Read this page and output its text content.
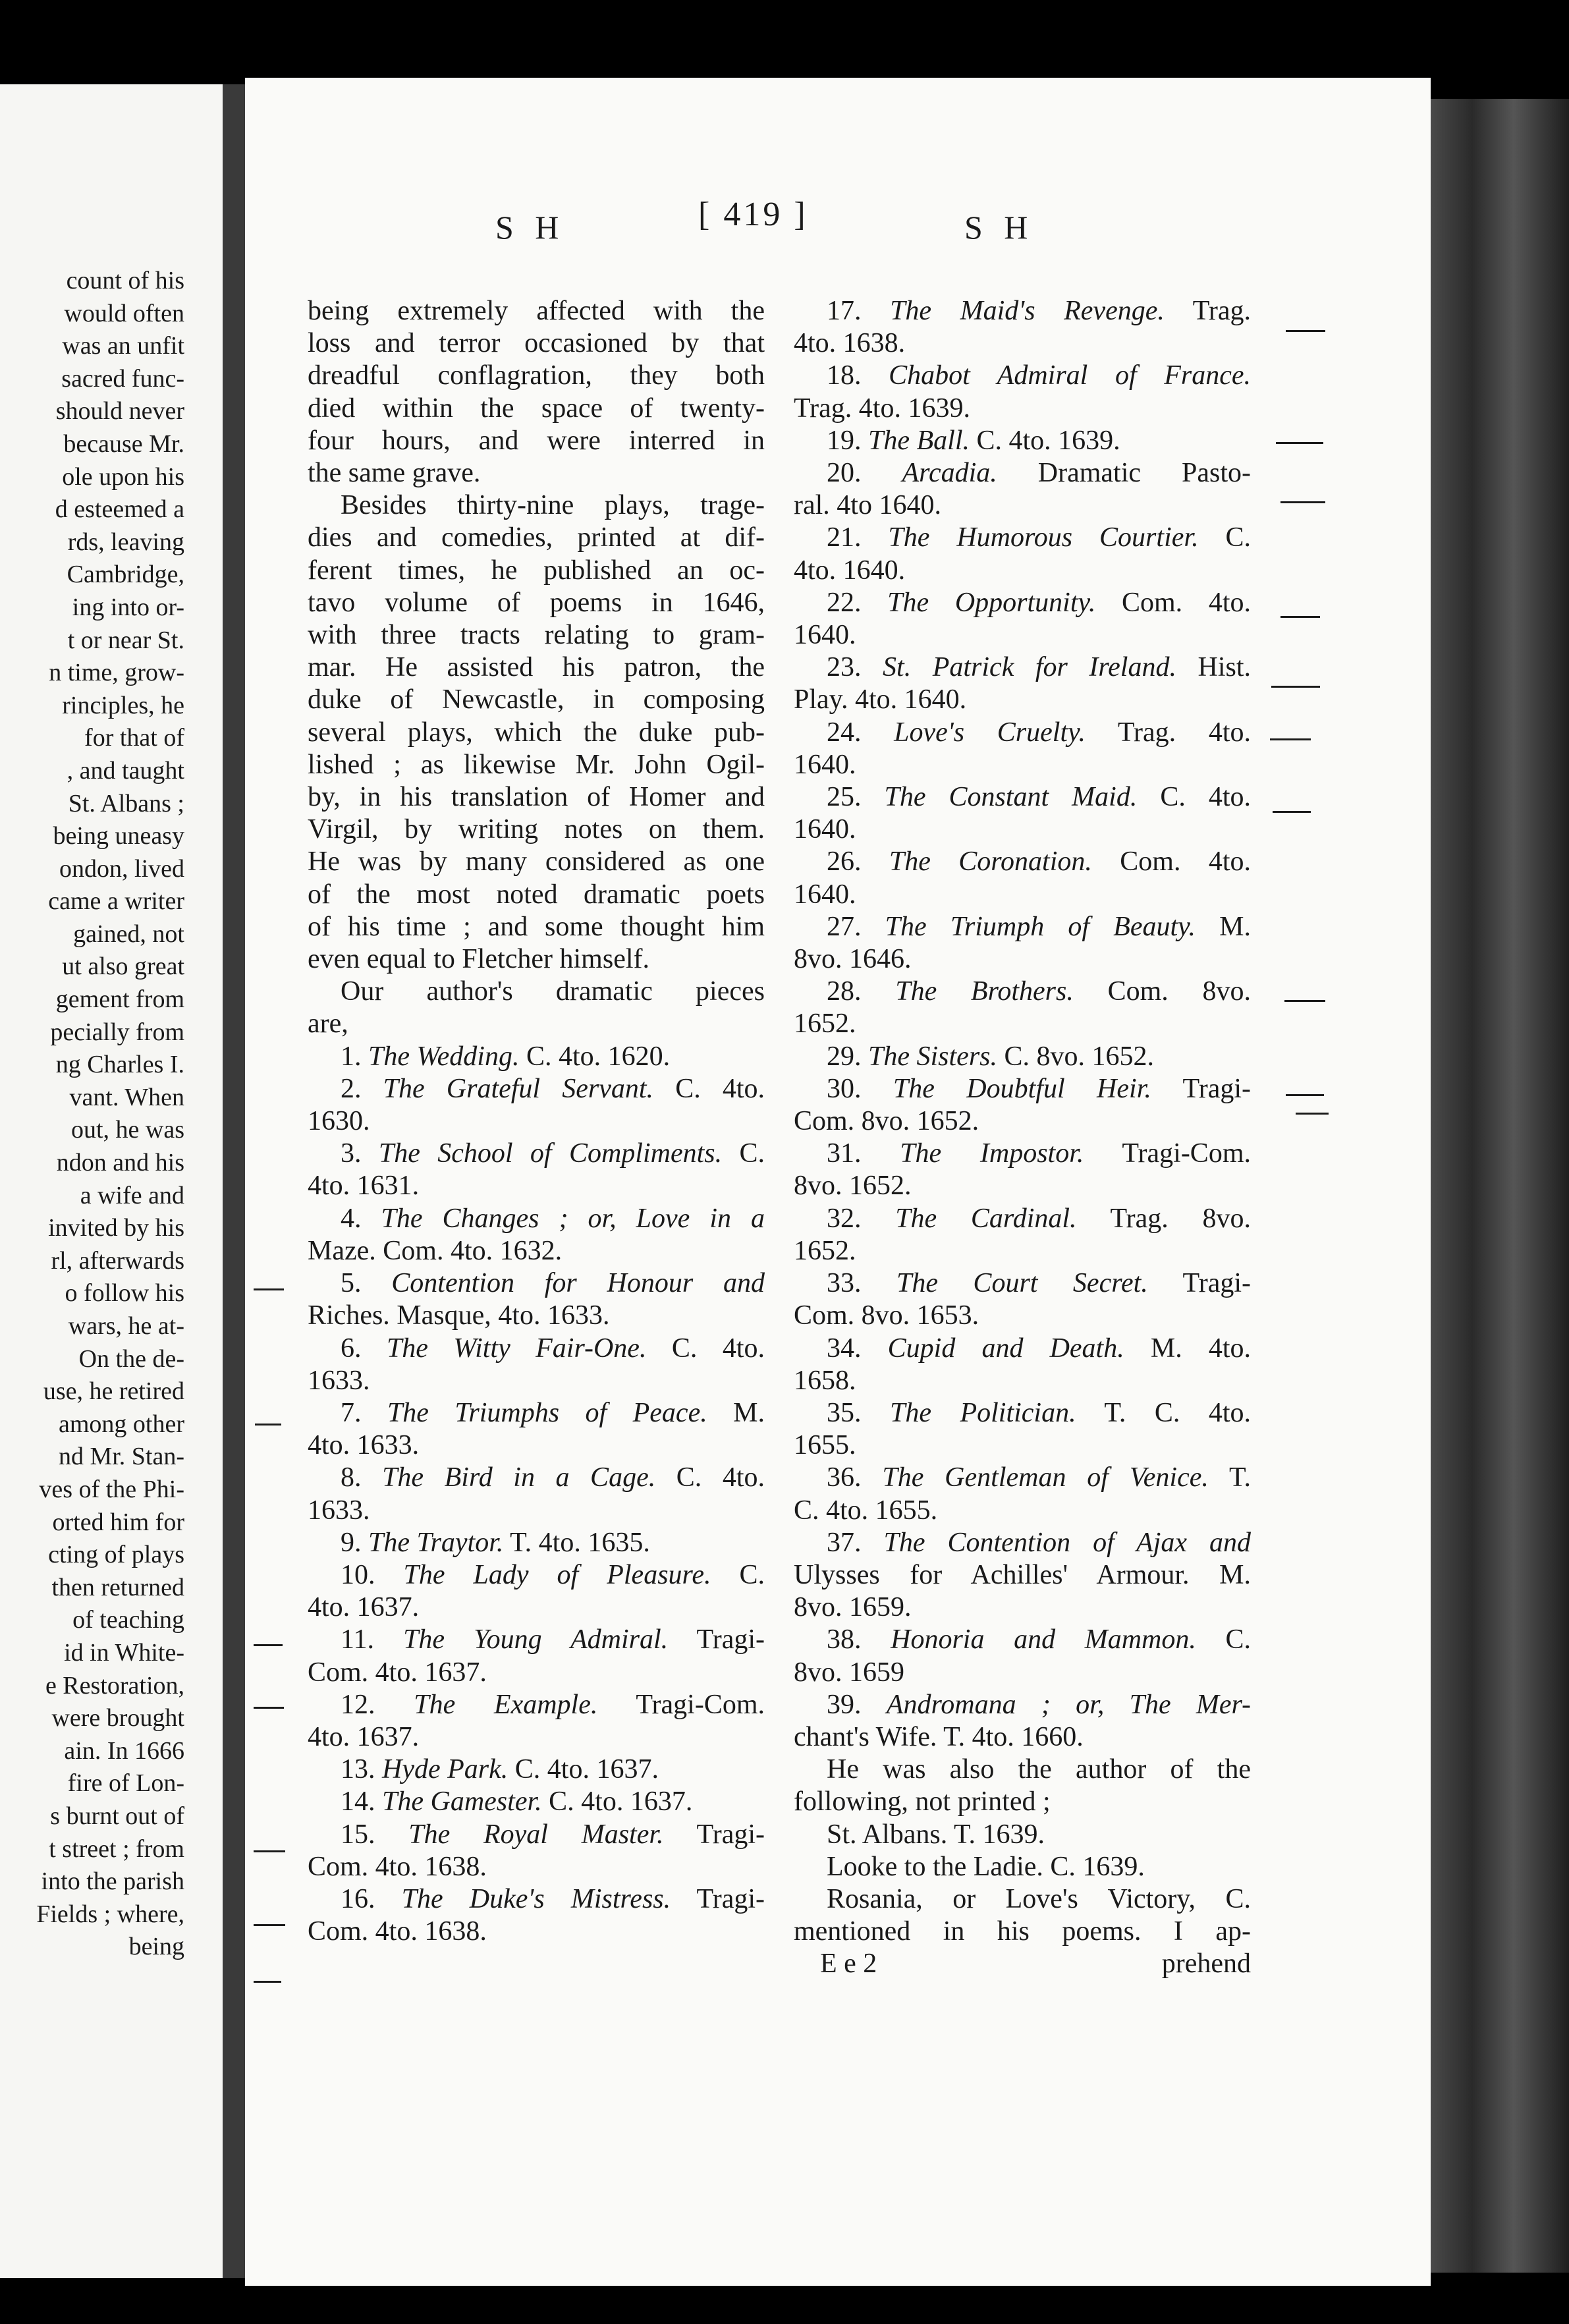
count of his
would often
was an unfit
sacred func-
should never
because Mr.
ole upon his
d esteemed a
rds, leaving
Cambridge,
ing into or-
t or near St.
n time, grow-
rinciples, he
for that of
, and taught
St. Albans ;
being uneasy
ondon, lived
came a writer
gained, not
ut also great
gement from
pecially from
ng Charles I.
vant. When
out, he was
ndon and his
a wife and
invited by his
rl, afterwards
o follow his
wars, he at-
On the de-
use, he retired
among other
nd Mr. Stan-
ves of the Phi-
orted him for
cting of plays
then returned
of teaching
id in White-
e Restoration,
were brought
ain. In 1666
fire of Lon-
s burnt out of
t street ; from
into the parish
Fields ; where,
being
S H	[ 419 ]	S H
being extremely affected with the
loss and terror occasioned by that
dreadful conflagration, they both
died within the space of twenty-
four hours, and were interred in
the same grave.
Besides thirty-nine plays, trage-
dies and comedies, printed at dif-
ferent times, he published an oc-
tavo volume of poems in 1646,
with three tracts relating to gram-
mar. He assisted his patron, the
duke of Newcastle, in composing
several plays, which the duke pub-
lished ; as likewise Mr. John Ogil-
by, in his translation of Homer and
Virgil, by writing notes on them.
He was by many considered as one
of the most noted dramatic poets
of his time ; and some thought him
even equal to Fletcher himself.
Our author's dramatic pieces
are,
1. The Wedding. C. 4to. 1620.
2. The Grateful Servant. C. 4to.
1630.
3. The School of Compliments. C.
4to. 1631.
4. The Changes ; or, Love in a
Maze. Com. 4to. 1632.
5. Contention for Honour and
Riches. Masque, 4to. 1633.
6. The Witty Fair-One. C. 4to.
1633.
7. The Triumphs of Peace. M.
4to. 1633.
8. The Bird in a Cage. C. 4to.
1633.
9. The Traytor. T. 4to. 1635.
10. The Lady of Pleasure. C.
4to. 1637.
11. The Young Admiral. Tragi-
Com. 4to. 1637.
12. The Example. Tragi-Com.
4to. 1637.
13. Hyde Park. C. 4to. 1637.
14. The Gamester. C. 4to. 1637.
15. The Royal Master. Tragi-
Com. 4to. 1638.
16. The Duke's Mistress. Tragi-
Com. 4to. 1638.
17. The Maid's Revenge. Trag.
4to. 1638.
18. Chabot Admiral of France.
Trag. 4to. 1639.
19. The Ball. C. 4to. 1639.
20. Arcadia. Dramatic Pasto-
ral. 4to 1640.
21. The Humorous Courtier. C.
4to. 1640.
22. The Opportunity. Com. 4to.
1640.
23. St. Patrick for Ireland. Hist.
Play. 4to. 1640.
24. Love's Cruelty. Trag. 4to.
1640.
25. The Constant Maid. C. 4to.
1640.
26. The Coronation. Com. 4to.
1640.
27. The Triumph of Beauty. M.
8vo. 1646.
28. The Brothers. Com. 8vo.
1652.
29. The Sisters. C. 8vo. 1652.
30. The Doubtful Heir. Tragi-
Com. 8vo. 1652.
31. The Impostor. Tragi-Com.
8vo. 1652.
32. The Cardinal. Trag. 8vo.
1652.
33. The Court Secret. Tragi-
Com. 8vo. 1653.
34. Cupid and Death. M. 4to.
1658.
35. The Politician. T. C. 4to.
1655.
36. The Gentleman of Venice. T.
C. 4to. 1655.
37. The Contention of Ajax and
Ulysses for Achilles' Armour. M.
8vo. 1659.
38. Honoria and Mammon. C.
8vo. 1659
39. Andromana ; or, The Mer-
chant's Wife. T. 4to. 1660.
He was also the author of the
following, not printed ;
St. Albans. T. 1639.
Looke to the Ladie. C. 1639.
Rosania, or Love's Victory, C.
mentioned in his poems. I ap-
E e 2	prehend
